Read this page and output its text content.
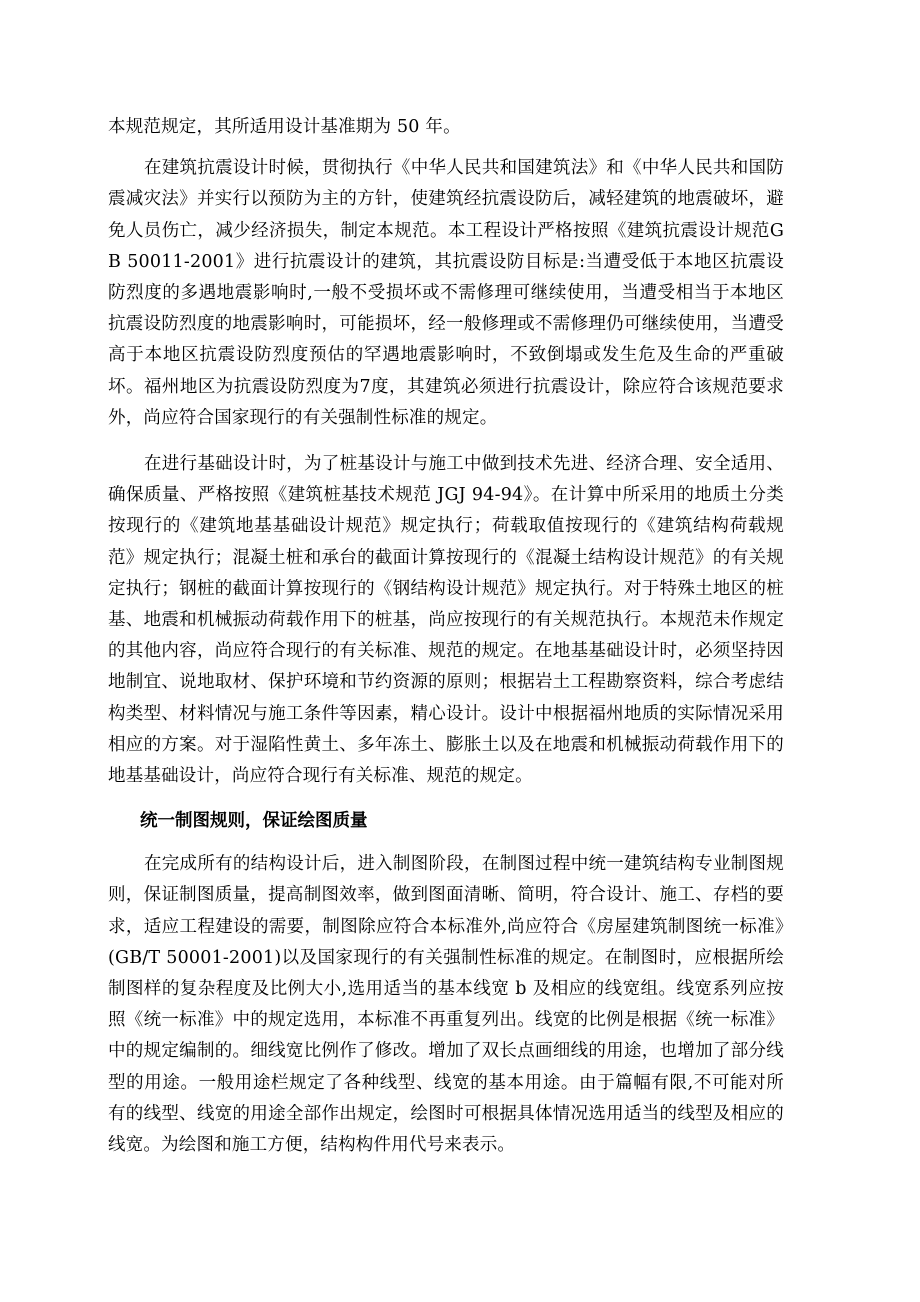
本规范规定，其所适用设计基准期为 50 年。

在建筑抗震设计时候，贯彻执行《中华人民共和国建筑法》和《中华人民共和国防震减灾法》并实行以预防为主的方针，使建筑经抗震设防后，减轻建筑的地震破坏，避免人员伤亡，减少经济损失，制定本规范。本工程设计严格按照《建筑抗震设计规范GB 50011-2001》进行抗震设计的建筑，其抗震设防目标是:当遭受低于本地区抗震设防烈度的多遇地震影响时,一般不受损坏或不需修理可继续使用，当遭受相当于本地区抗震设防烈度的地震影响时，可能损坏，经一般修理或不需修理仍可继续使用，当遭受高于本地区抗震设防烈度预估的罕遇地震影响时，不致倒塌或发生危及生命的严重破坏。福州地区为抗震设防烈度为7度，其建筑必须进行抗震设计，除应符合该规范要求外，尚应符合国家现行的有关强制性标准的规定。

在进行基础设计时，为了桩基设计与施工中做到技术先进、经济合理、安全适用、确保质量、严格按照《建筑桩基技术规范 JGJ 94-94》。在计算中所采用的地质土分类按现行的《建筑地基基础设计规范》规定执行；荷载取值按现行的《建筑结构荷载规范》规定执行；混凝土桩和承台的截面计算按现行的《混凝土结构设计规范》的有关规定执行；钢桩的截面计算按现行的《钢结构设计规范》规定执行。对于特殊土地区的桩基、地震和机械振动荷载作用下的桩基，尚应按现行的有关规范执行。本规范未作规定的其他内容，尚应符合现行的有关标准、规范的规定。在地基基础设计时，必须坚持因地制宜、说地取材、保护环境和节约资源的原则；根据岩土工程勘察资料，综合考虑结构类型、材料情况与施工条件等因素，精心设计。设计中根据福州地质的实际情况采用相应的方案。对于湿陷性黄土、多年冻土、膨胀土以及在地震和机械振动荷载作用下的地基基础设计，尚应符合现行有关标准、规范的规定。

统一制图规则，保证绘图质量

在完成所有的结构设计后，进入制图阶段，在制图过程中统一建筑结构专业制图规则，保证制图质量，提高制图效率，做到图面清晰、简明，符合设计、施工、存档的要求，适应工程建设的需要，制图除应符合本标准外,尚应符合《房屋建筑制图统一标准》(GB/T 50001-2001)以及国家现行的有关强制性标准的规定。在制图时，应根据所绘制图样的复杂程度及比例大小,选用适当的基本线宽 b 及相应的线宽组。线宽系列应按照《统一标准》中的规定选用，本标准不再重复列出。线宽的比例是根据《统一标准》中的规定编制的。细线宽比例作了修改。增加了双长点画细线的用途，也增加了部分线型的用途。一般用途栏规定了各种线型、线宽的基本用途。由于篇幅有限,不可能对所有的线型、线宽的用途全部作出规定，绘图时可根据具体情况选用适当的线型及相应的线宽。为绘图和施工方便，结构构件用代号来表示。
